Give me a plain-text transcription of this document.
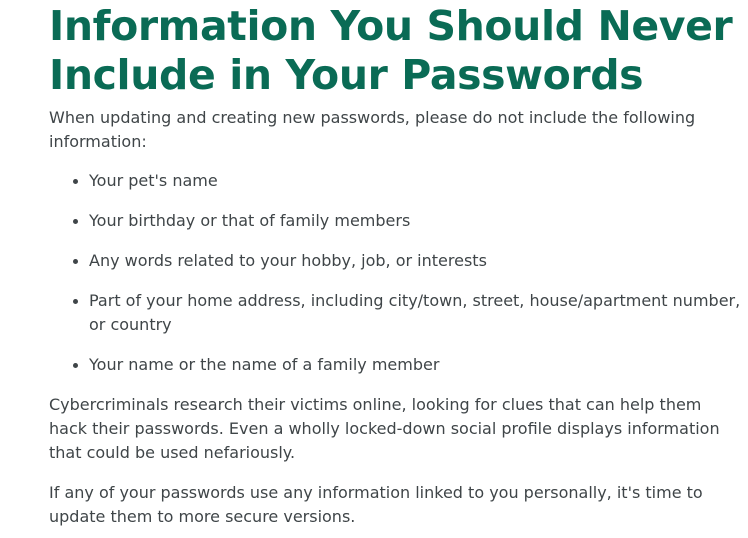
Information You Should Never Include in Your Passwords

When updating and creating new passwords, please do not include the following information:

Your pet's name
Your birthday or that of family members
Any words related to your hobby, job, or interests
Part of your home address, including city/town, street, house/apartment number, or country
Your name or the name of a family member

Cybercriminals research their victims online, looking for clues that can help them hack their passwords. Even a wholly locked-down social profile displays information that could be used nefariously.

If any of your passwords use any information linked to you personally, it's time to update them to more secure versions.
